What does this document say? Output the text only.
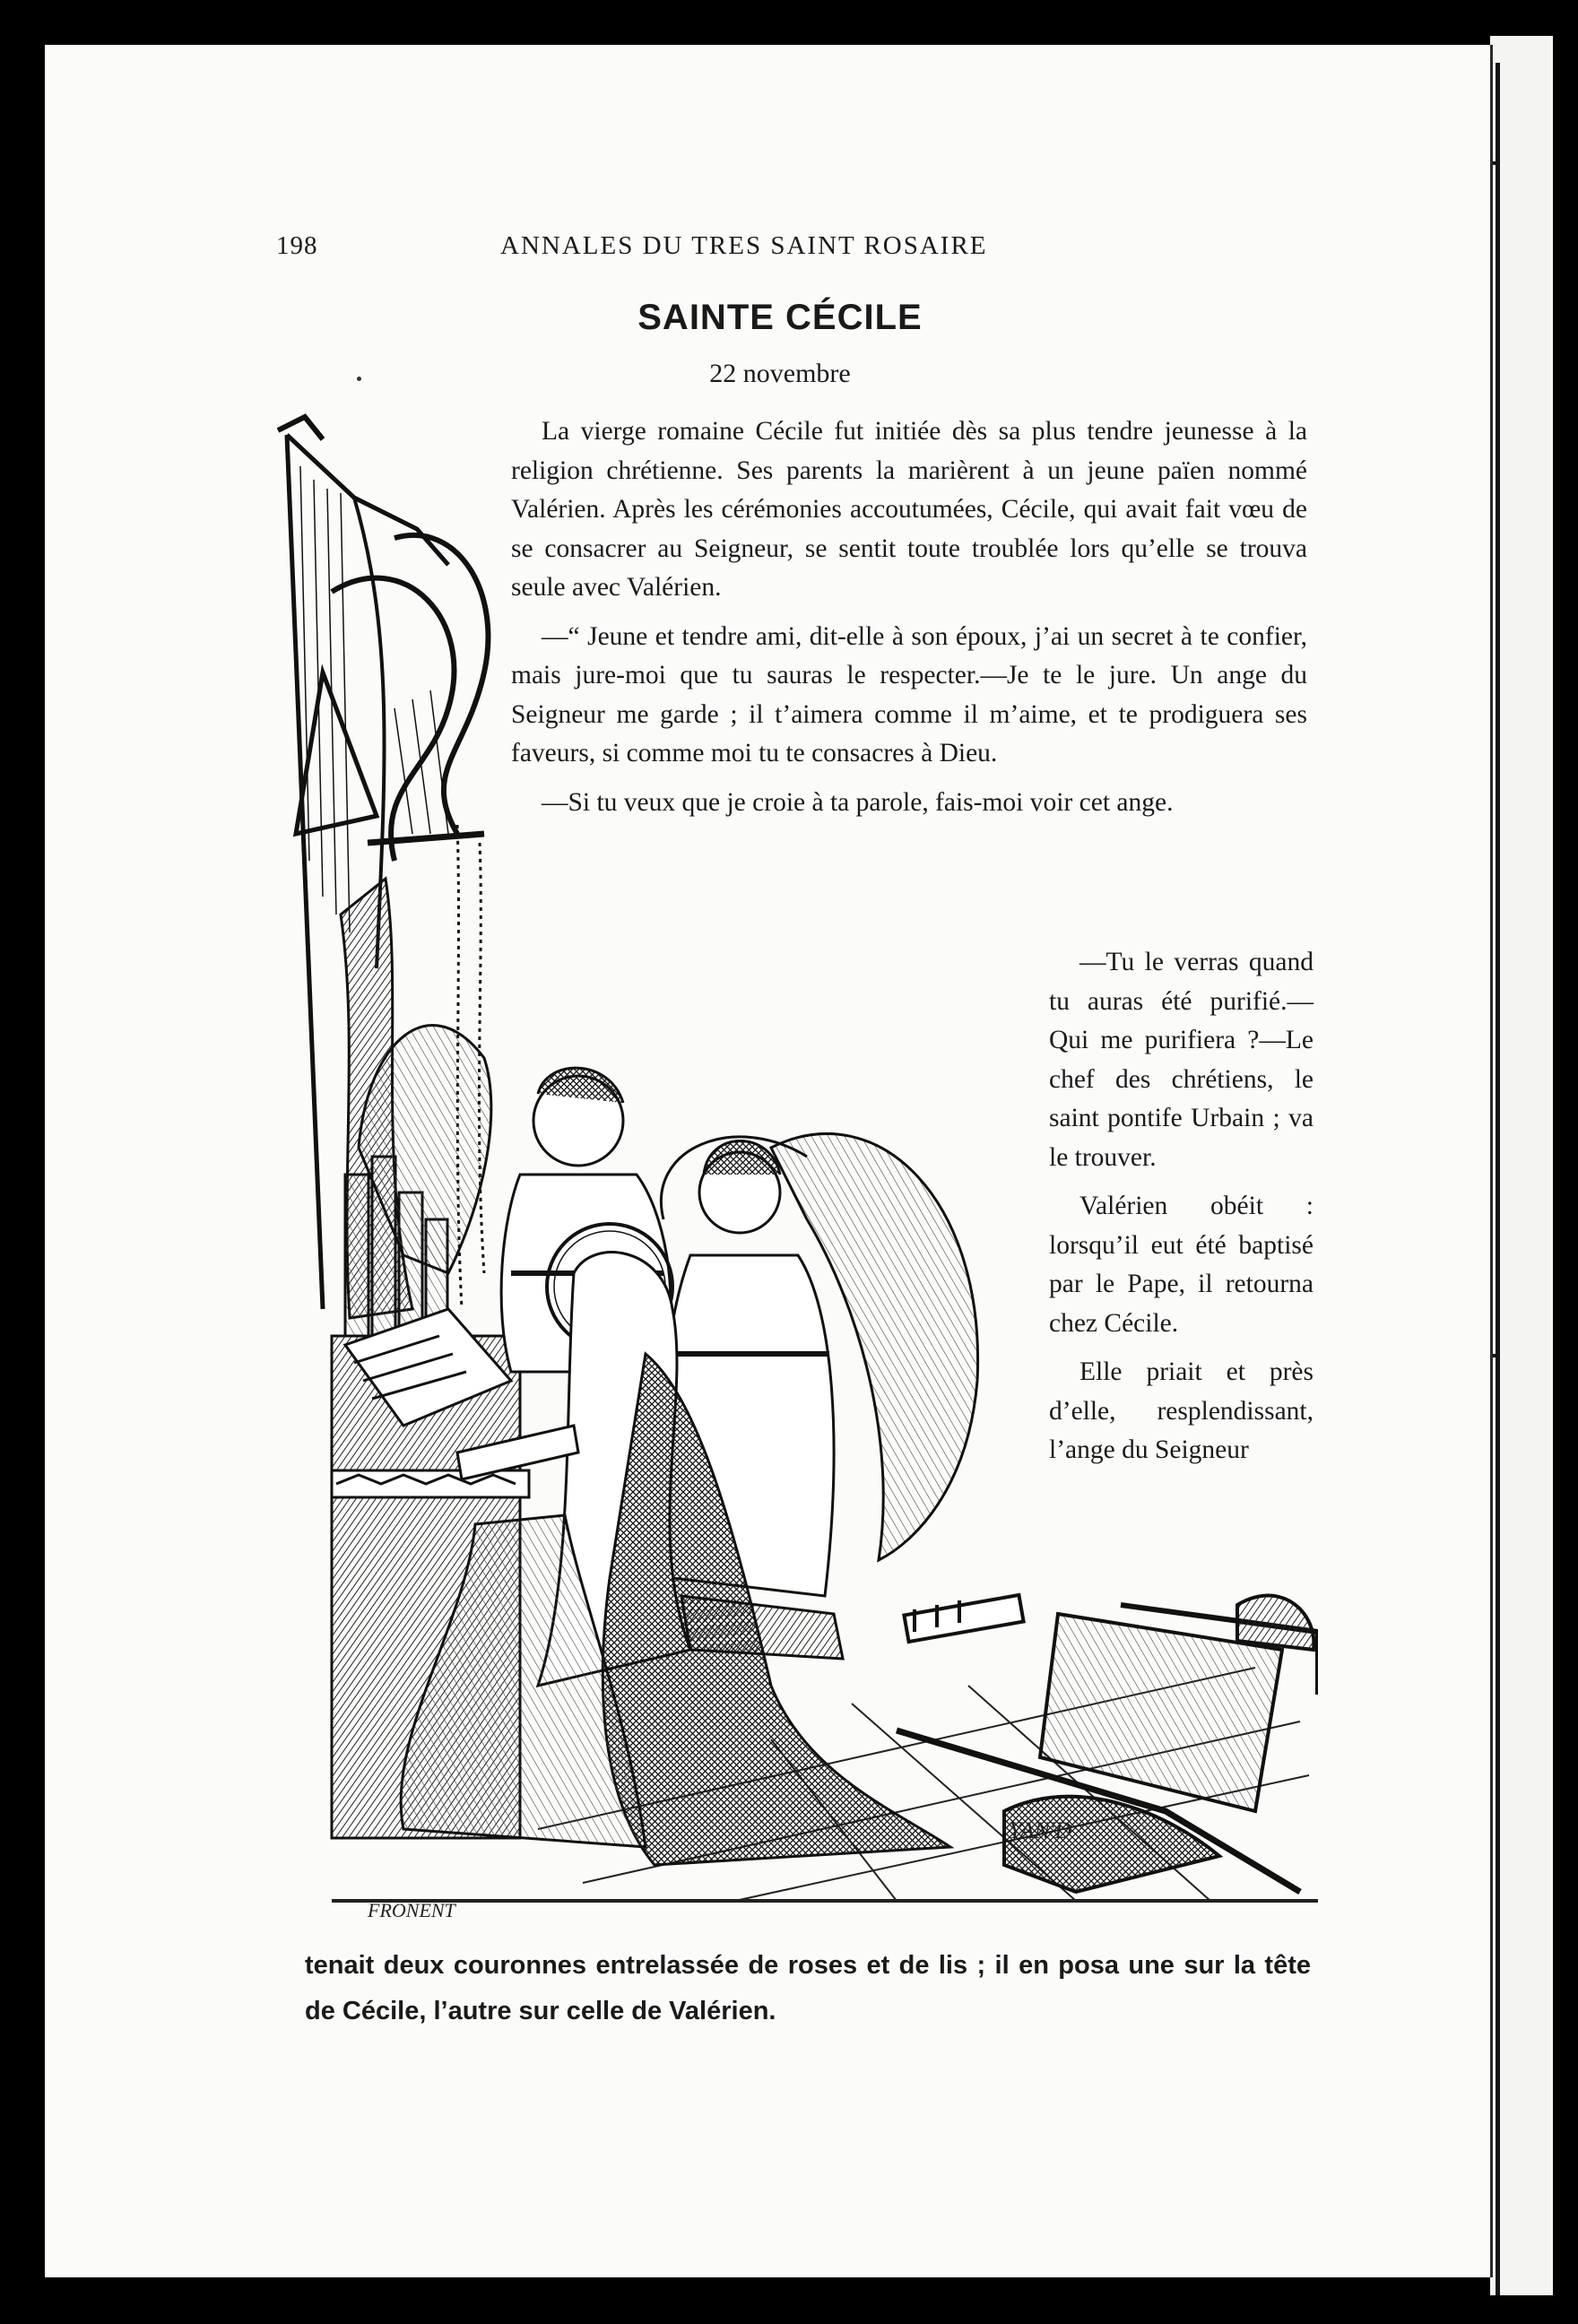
198	ANNALES DU TRES SAINT ROSAIRE
SAINTE CÉCILE
22 novembre
FRONENT
YAN'D

La vierge romaine Cécile fut initiée dès sa plus tendre jeunesse à la religion chrétienne. Ses parents la marièrent à un jeune païen nommé Valérien. Après les cérémonies accoutumées, Cécile, qui avait fait vœu de se consacrer au Seigneur, se sentit toute troublée lors qu’elle se trouva seule avec Valérien.

—“ Jeune et tendre ami, dit-elle à son époux, j’ai un secret à te confier, mais jure-moi que tu sauras le respecter.—Je te le jure. Un ange du Seigneur me garde ; il t’aimera comme il m’aime, et te prodiguera ses faveurs, si comme moi tu te consacres à Dieu.

—Si tu veux que je croie à ta parole, fais-moi voir cet ange.

—Tu le verras quand tu auras été purifié.—Qui me purifiera ?—Le chef des chrétiens, le saint pontife Urbain ; va le trouver.

Valérien obéit : lorsqu’il eut été baptisé par le Pape, il retourna chez Cécile.

Elle priait et près d’elle, resplendissant, l’ange du Seigneur

tenait deux couronnes entrelassée de roses et de lis ; il en posa une sur la tête de Cécile, l’autre sur celle de Valérien.
